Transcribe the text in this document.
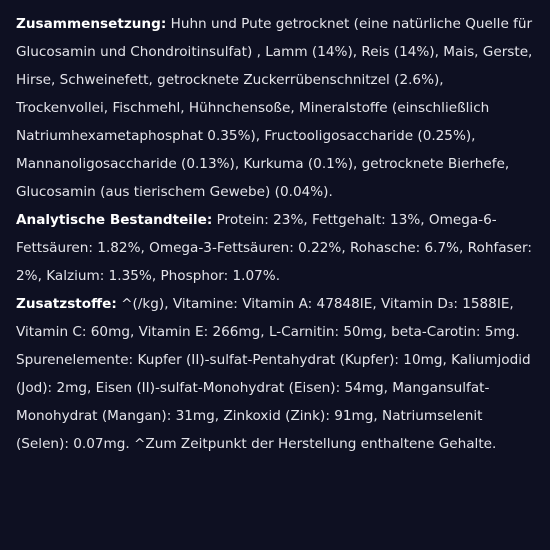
Zusammensetzung: Huhn und Pute getrocknet (eine natürliche Quelle für Glucosamin und Chondroitinsulfat) , Lamm (14%), Reis (14%), Mais, Gerste, Hirse, Schweinefett, getrocknete Zuckerrübenschnitzel (2.6%), Trockenvollei, Fischmehl, Hühnchensoße, Mineralstoffe (einschließlich Natriumhexametaphosphat 0.35%), Fructooligosaccharide (0.25%), Mannanoligosaccharide (0.13%), Kurkuma (0.1%), getrocknete Bierhefe, Glucosamin (aus tierischem Gewebe) (0.04%).

Analytische Bestandteile: Protein: 23%, Fettgehalt: 13%, Omega-6-Fettsäuren: 1.82%, Omega-3-Fettsäuren: 0.22%, Rohasche: 6.7%, Rohfaser: 2%, Kalzium: 1.35%, Phosphor: 1.07%.

Zusatzstoffe: ^(/kg), Vitamine: Vitamin A: 47848IE, Vitamin D₃: 1588IE, Vitamin C: 60mg, Vitamin E: 266mg, L-Carnitin: 50mg, beta-Carotin: 5mg. Spurenelemente: Kupfer (II)-sulfat-Pentahydrat (Kupfer): 10mg, Kaliumjodid (Jod): 2mg, Eisen (II)-sulfat-Monohydrat (Eisen): 54mg, Mangansulfat-Monohydrat (Mangan): 31mg, Zinkoxid (Zink): 91mg, Natriumselenit (Selen): 0.07mg. ^Zum Zeitpunkt der Herstellung enthaltene Gehalte.
